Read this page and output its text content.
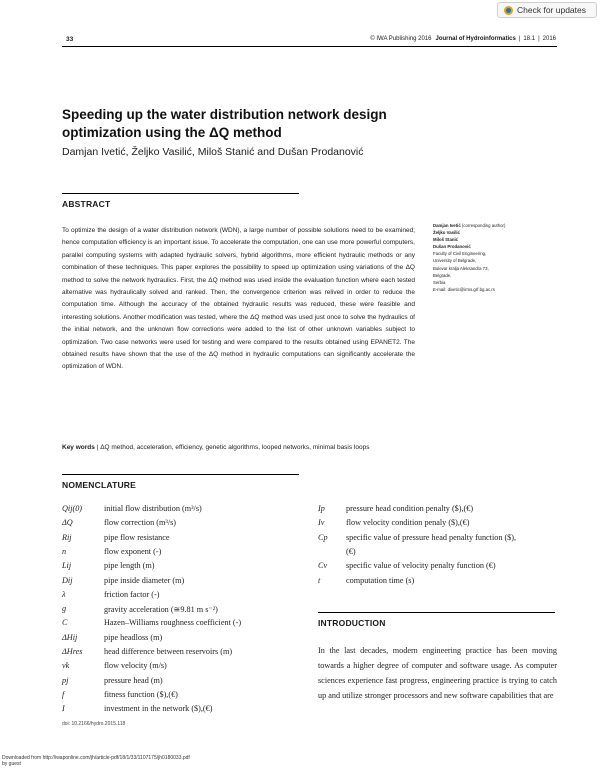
Check for updates
33	© IWA Publishing 2016 Journal of Hydroinformatics | 18.1 | 2016
Speeding up the water distribution network design optimization using the ΔQ method
Damjan Ivetić, Željko Vasilić, Miloš Stanić and Dušan Prodanović
ABSTRACT
To optimize the design of a water distribution network (WDN), a large number of possible solutions need to be examined; hence computation efficiency is an important issue. To accelerate the computation, one can use more powerful computers, parallel computing systems with adapted hydraulic solvers, hybrid algorithms, more efficient hydraulic methods or any combination of these techniques. This paper explores the possibility to speed up optimization using variations of the ΔQ method to solve the network hydraulics. First, the ΔQ method was used inside the evaluation function where each tested alternative was hydraulically solved and ranked. Then, the convergence criterion was relived in order to reduce the computation time. Although the accuracy of the obtained hydraulic results was reduced, these were feasible and interesting solutions. Another modification was tested, where the ΔQ method was used just once to solve the hydraulics of the initial network, and the unknown flow corrections were added to the list of other unknown variables subject to optimization. Two case networks were used for testing and were compared to the results obtained using EPANET2. The obtained results have shown that the use of the ΔQ method in hydraulic computations can significantly accelerate the optimization of WDN.
Key words | ΔQ method, acceleration, efficiency, genetic algorithms, looped networks, minimal basis loops
Damjan Ivetić (corresponding author)
Željko Vasilić
Miloš Stanić
Dušan Prodanović
Faculty of Civil Engineering,
University of Belgrade,
Bulevar kralja Aleksandra 73,
Belgrade,
Serbia
E-mail: divetic@irms.grf.bg.ac.rs
NOMENCLATURE
Qij(0)	initial flow distribution (m³/s)
ΔQ	flow correction (m³/s)
Rij	pipe flow resistance
n	flow exponent (-)
Lij	pipe length (m)
Dij	pipe inside diameter (m)
λ	friction factor (-)
g	gravity acceleration (≅9.81 m s⁻²)
C	Hazen–Williams roughness coefficient (-)
ΔHij	pipe headloss (m)
ΔHres	head difference between reservoirs (m)
vk	flow velocity (m/s)
pj	pressure head (m)
f	fitness function ($),(€)
I	investment in the network ($),(€)
Ip	pressure head condition penalty ($),(€)
Iv	flow velocity condition penaly ($),(€)
Cp specific value of pressure head penalty function ($),
(€)
Cv specific value of velocity penalty function (€)
t	computation time (s)
doi: 10.2166/hydro.2015.118
INTRODUCTION
In the last decades, modern engineering practice has been moving towards a higher degree of computer and software usage. As computer sciences experience fast progress, engineering practice is trying to catch up and utilize stronger processors and new software capabilities that are
Downloaded from http://iwaponline.com/jh/article-pdf/18/1/33/1107175/jh0180033.pdf
by guest
